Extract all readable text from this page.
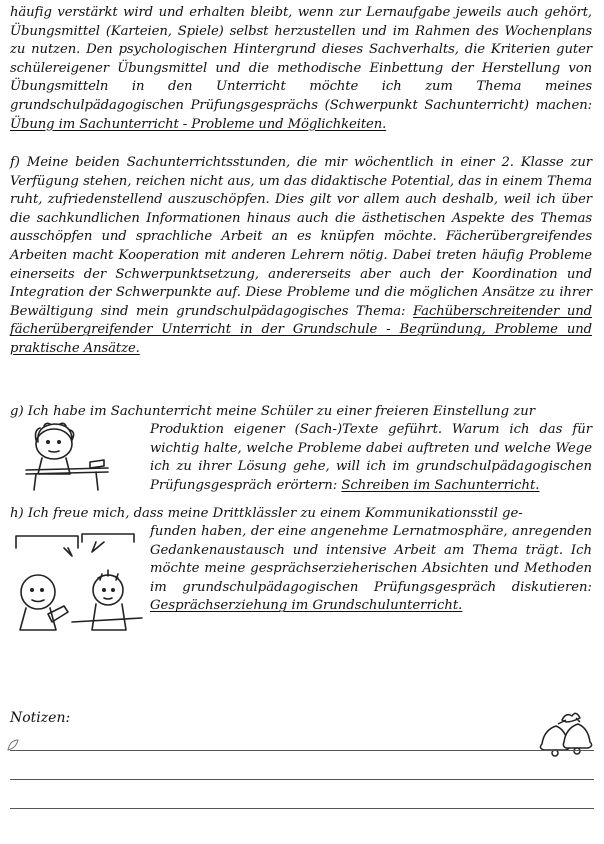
häufig verstärkt wird und erhalten bleibt, wenn zur Lernaufgabe jeweils auch gehört, Übungsmittel (Karteien, Spiele) selbst herzustellen und im Rahmen des Wochenplans zu nutzen. Den psychologischen Hintergrund dieses Sachverhalts, die Kriterien guter schülereigener Übungsmittel und die methodische Einbettung der Herstellung von Übungsmitteln in den Unterricht möchte ich zum Thema meines grundschulpädagogischen Prüfungsgesprächs (Schwerpunkt Sachunterricht) machen: Übung im Sachunterricht - Probleme und Möglichkeiten.

f) Meine beiden Sachunterrichtsstunden, die mir wöchentlich in einer 2. Klasse zur Verfügung stehen, reichen nicht aus, um das didaktische Potential, das in einem Thema ruht, zufriedenstellend auszuschöpfen. Dies gilt vor allem auch deshalb, weil ich über die sachkundlichen Informationen hinaus auch die ästhetischen Aspekte des Themas ausschöpfen und sprachliche Arbeit an es knüpfen möchte. Fächerübergreifendes Arbeiten macht Kooperation mit anderen Lehrern nötig. Dabei treten häufig Probleme einerseits der Schwerpunktsetzung, andererseits aber auch der Koordination und Integration der Schwerpunkte auf. Diese Probleme und die möglichen Ansätze zu ihrer Bewältigung sind mein grundschulpädagogisches Thema: Fachüberschreitender und fächerübergreifender Unterricht in der Grundschule - Begründung, Probleme und praktische Ansätze.

g) Ich habe im Sachunterricht meine Schüler zu einer freieren Einstellung zur
Produktion eigener (Sach-)Texte geführt. Warum ich das für wichtig halte, welche Probleme dabei auftreten und welche Wege ich zu ihrer Lösung gehe, will ich im grundschulpädagogischen Prüfungsgespräch erörtern: Schreiben im Sachunterricht.
h) Ich freue mich, dass meine Drittklässler zu einem Kommunikationsstil ge-
funden haben, der eine angenehme Lernatmosphäre, anregenden Gedankenaustausch und intensive Arbeit am Thema trägt. Ich möchte meine gesprächserzieherischen Absichten und Methoden im grundschulpädagogischen Prüfungsgespräch diskutieren: Gesprächserziehung im Grundschulunterricht.
Notizen:
